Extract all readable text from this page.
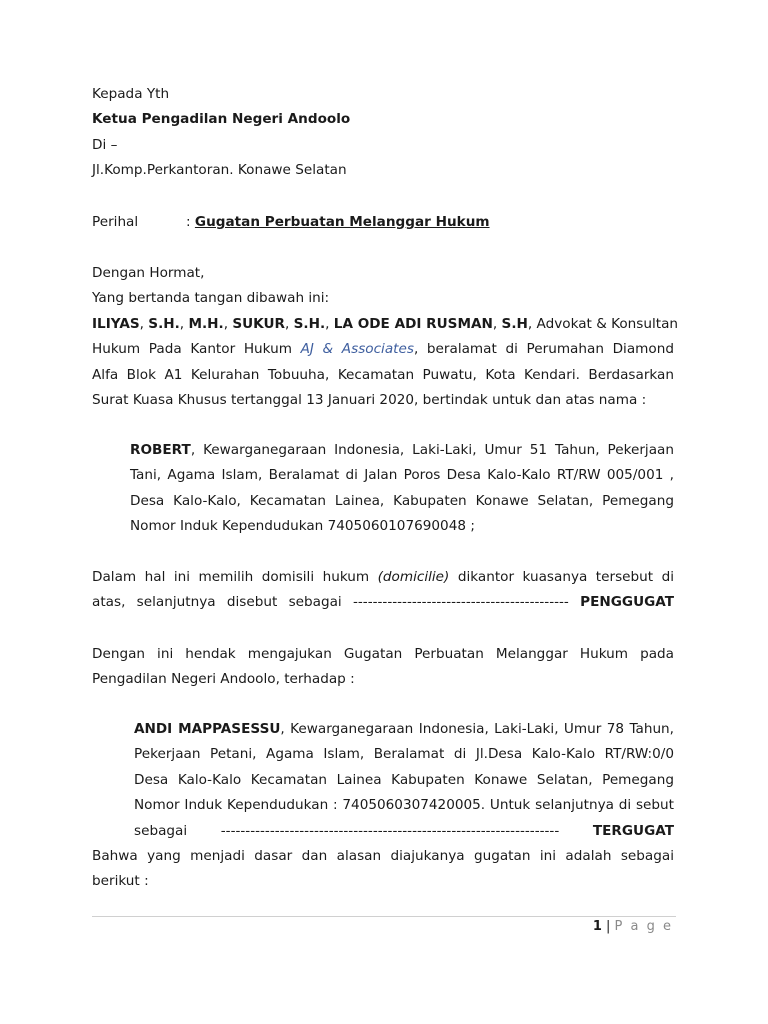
Kepada Yth
Ketua Pengadilan Negeri Andoolo
Di –
Jl.Komp.Perkantoran. Konawe Selatan
Perihal	: Gugatan Perbuatan Melanggar Hukum
Dengan Hormat,
Yang bertanda tangan dibawah ini:
ILIYAS, S.H., M.H., SUKUR, S.H., LA ODE ADI RUSMAN, S.H, Advokat & Konsultan
Hukum Pada Kantor Hukum AJ & Associates, beralamat di Perumahan Diamond
Alfa Blok A1 Kelurahan Tobuuha, Kecamatan Puwatu, Kota Kendari. Berdasarkan
Surat Kuasa Khusus tertanggal 13 Januari 2020, bertindak untuk dan atas nama :
ROBERT, Kewarganegaraan Indonesia, Laki-Laki, Umur 51 Tahun, Pekerjaan
Tani, Agama Islam, Beralamat di Jalan Poros Desa Kalo-Kalo RT/RW 005/001 ,
Desa Kalo-Kalo, Kecamatan Lainea, Kabupaten Konawe Selatan, Pemegang
Nomor Induk Kependudukan 7405060107690048 ;
Dalam hal ini memilih domisili hukum (domicilie) dikantor kuasanya tersebut di
atas, selanjutnya disebut sebagai -------------------------------------------- PENGGUGAT
Dengan ini hendak mengajukan Gugatan Perbuatan Melanggar Hukum pada
Pengadilan Negeri Andoolo, terhadap :
ANDI MAPPASESSU, Kewarganegaraan Indonesia, Laki-Laki, Umur 78 Tahun,
Pekerjaan Petani, Agama Islam, Beralamat di Jl.Desa Kalo-Kalo RT/RW:0/0
Desa Kalo-Kalo Kecamatan Lainea Kabupaten Konawe Selatan, Pemegang
Nomor Induk Kependudukan : 7405060307420005. Untuk selanjutnya di sebut
sebagai --------------------------------------------------------------------- TERGUGAT
Bahwa yang menjadi dasar dan alasan diajukanya gugatan ini adalah sebagai
berikut :
1 | P a g e
